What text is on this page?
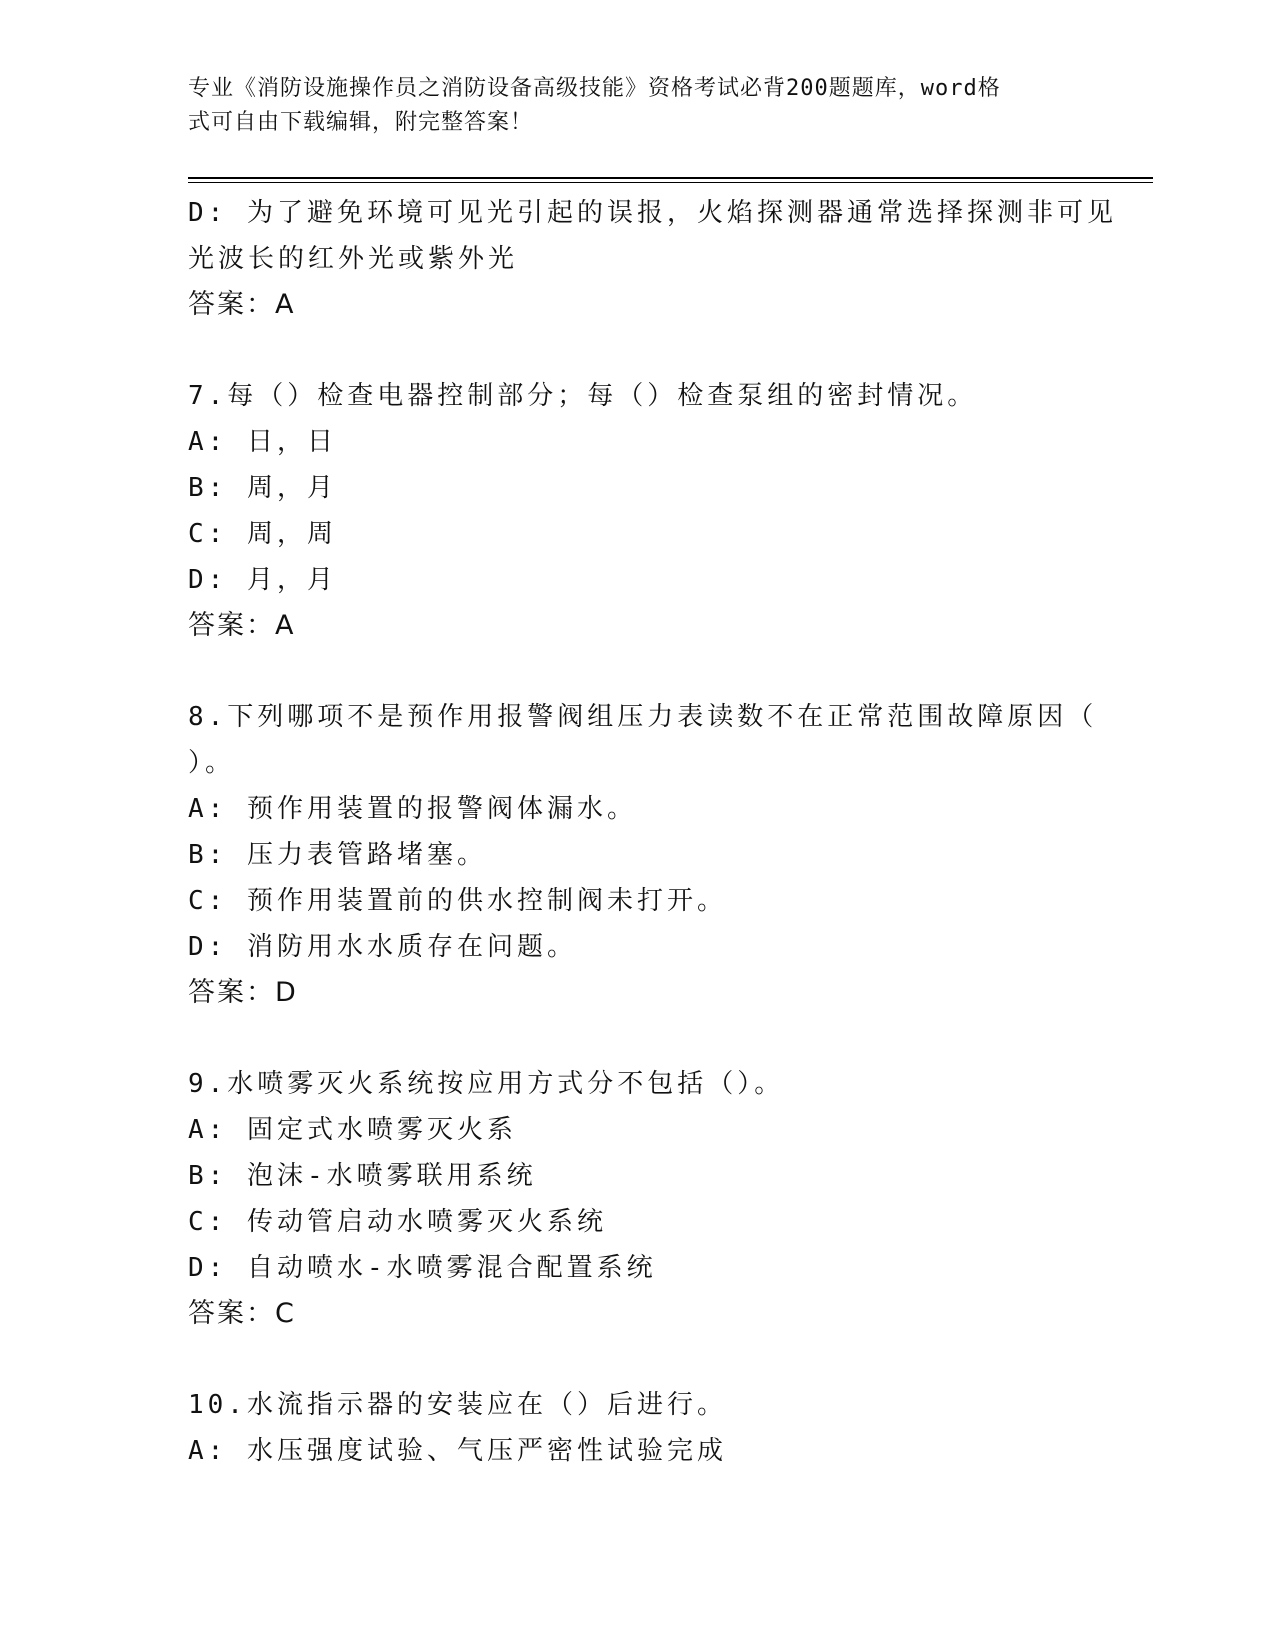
专业《消防设施操作员之消防设备高级技能》资格考试必背200题题库，word格
式可自由下载编辑，附完整答案！
D: 为了避免环境可见光引起的误报，火焰探测器通常选择探测非可见
光波长的红外光或紫外光
答案：A
7.每（）检查电器控制部分；每（）检查泵组的密封情况。
A: 日，日
B: 周，月
C: 周，周
D: 月，月
答案：A
8.下列哪项不是预作用报警阀组压力表读数不在正常范围故障原因（
）。
A: 预作用装置的报警阀体漏水。
B: 压力表管路堵塞。
C: 预作用装置前的供水控制阀未打开。
D: 消防用水水质存在问题。
答案：D
9.水喷雾灭火系统按应用方式分不包括（）。
A: 固定式水喷雾灭火系
B: 泡沫-水喷雾联用系统
C: 传动管启动水喷雾灭火系统
D: 自动喷水-水喷雾混合配置系统
答案：C
10.水流指示器的安装应在（）后进行。
A: 水压强度试验、气压严密性试验完成
